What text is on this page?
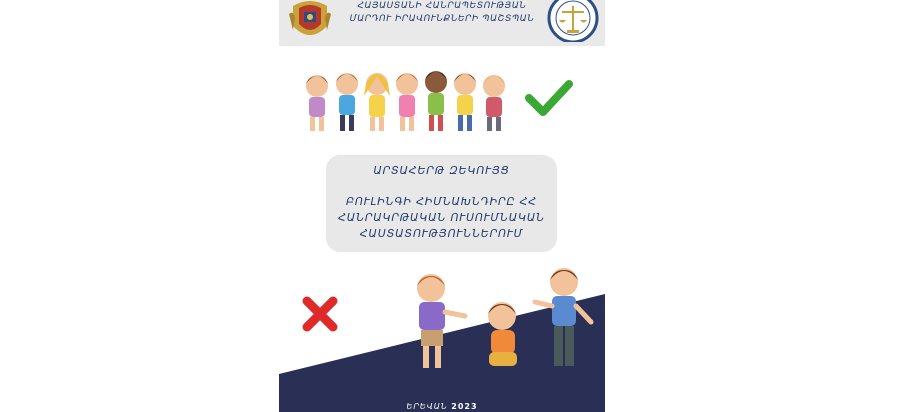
ՀԱՅԱՍՏԱՆԻ ՀԱՆՐԱՊԵՏՈՒԹՅԱՆ
ՄԱՐԴՈՒ ԻՐԱՎՈՒՆՔՆԵՐԻ ՊԱՇՏՊԱՆ
ԱՐՏԱՀԵՐԹ ԶԵԿՈՒՅՑ
ԲՈՒԼԻՆԳԻ ՀԻՄՆԱԽՆԴԻՐԸ ՀՀ ՀԱՆՐԱԿՐԹԱԿԱՆ ՈՒՍՈՒՄՆԱԿԱՆ ՀԱՍՏԱՏՈՒԹՅՈՒՆՆԵՐՈՒՄ
ԵՐԵՎԱՆ 2023
